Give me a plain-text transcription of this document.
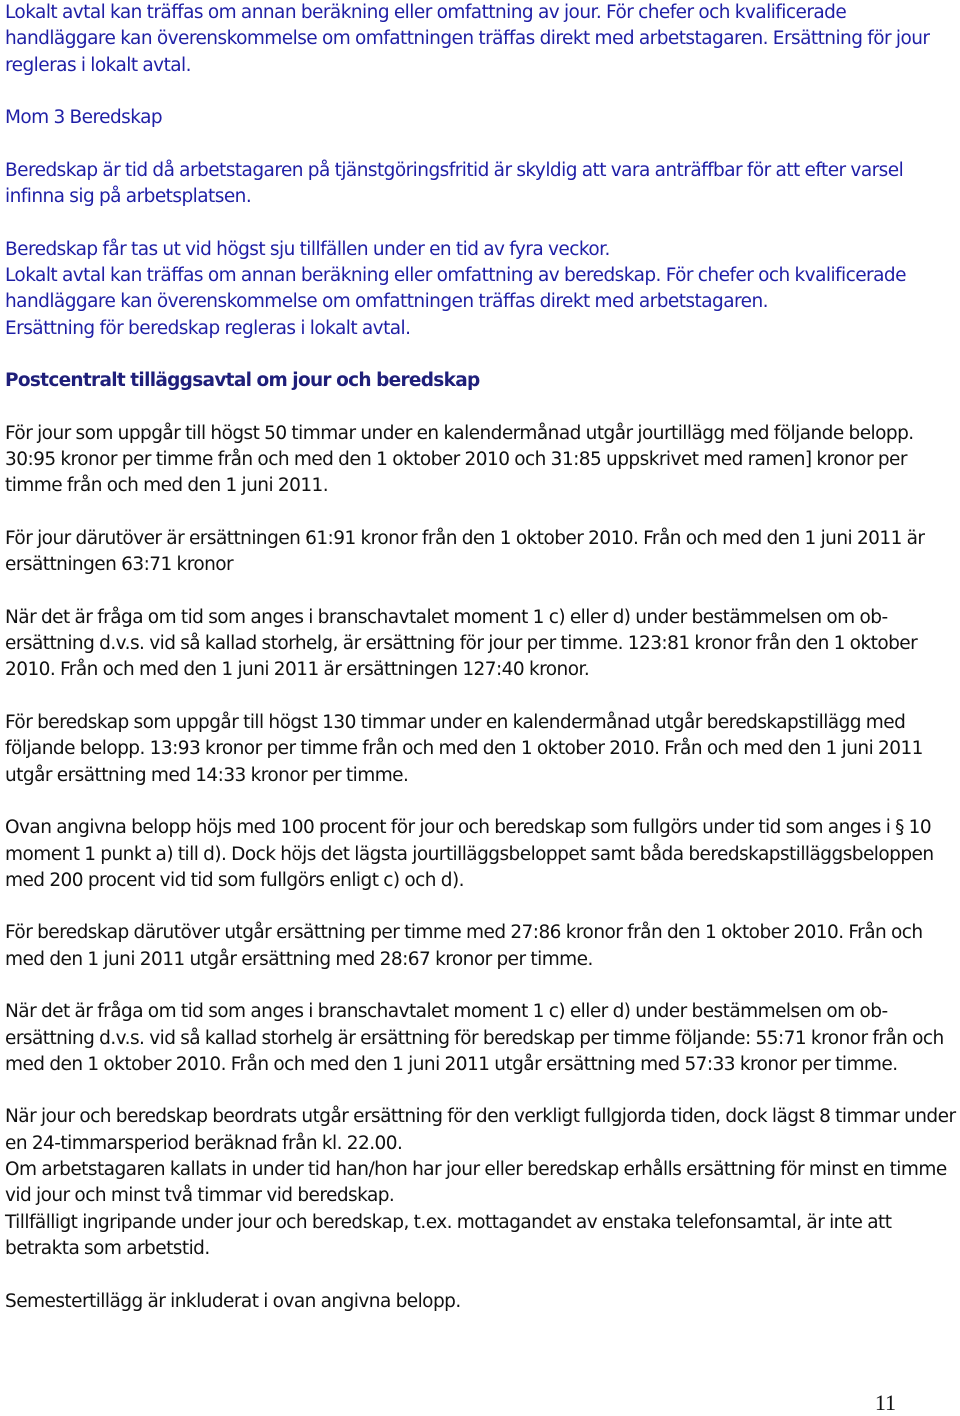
Lokalt avtal kan träffas om annan beräkning eller omfattning av jour. För chefer och kvalificerade handläggare kan överenskommelse om omfattningen träffas direkt med arbetstagaren. Ersättning för jour regleras i lokalt avtal.

Mom 3 Beredskap

Beredskap är tid då arbetstagaren på tjänstgöringsfritid är skyldig att vara anträffbar för att efter varsel infinna sig på arbetsplatsen.

Beredskap får tas ut vid högst sju tillfällen under en tid av fyra veckor.

Lokalt avtal kan träffas om annan beräkning eller omfattning av beredskap. För chefer och kvalificerade handläggare kan överenskommelse om omfattningen träffas direkt med arbetstagaren.

Ersättning för beredskap regleras i lokalt avtal.

Postcentralt tilläggsavtal om jour och beredskap

För jour som uppgår till högst 50 timmar under en kalendermånad utgår jourtillägg med följande belopp. 30:95 kronor per timme från och med den 1 oktober 2010 och 31:85 uppskrivet med ramen] kronor per timme från och med den 1 juni 2011.

För jour därutöver är ersättningen 61:91 kronor från den 1 oktober 2010. Från och med den 1 juni 2011 är ersättningen 63:71 kronor

När det är fråga om tid som anges i branschavtalet moment 1 c) eller d) under bestämmelsen om ob-ersättning d.v.s. vid så kallad storhelg, är ersättning för jour per timme. 123:81 kronor från den 1 oktober 2010. Från och med den 1 juni 2011 är ersättningen 127:40 kronor.

För beredskap som uppgår till högst 130 timmar under en kalendermånad utgår beredskapstillägg med följande belopp. 13:93 kronor per timme från och med den 1 oktober 2010. Från och med den 1 juni 2011 utgår ersättning med 14:33 kronor per timme.

Ovan angivna belopp höjs med 100 procent för jour och beredskap som fullgörs under tid som anges i § 10 moment 1 punkt a) till d). Dock höjs det lägsta jourtilläggsbeloppet samt båda beredskapstilläggsbeloppen med 200 procent vid tid som fullgörs enligt c) och d).

För beredskap därutöver utgår ersättning per timme med 27:86 kronor från den 1 oktober 2010. Från och med den 1 juni 2011 utgår ersättning med 28:67 kronor per timme.

När det är fråga om tid som anges i branschavtalet moment 1 c) eller d) under bestämmelsen om ob-ersättning d.v.s. vid så kallad storhelg är ersättning för beredskap per timme följande: 55:71 kronor från och med den 1 oktober 2010. Från och med den 1 juni 2011 utgår ersättning med 57:33 kronor per timme.

När jour och beredskap beordrats utgår ersättning för den verkligt fullgjorda tiden, dock lägst 8 timmar under en 24-timmarsperiod beräknad från kl. 22.00.

Om arbetstagaren kallats in under tid han/hon har jour eller beredskap erhålls ersättning för minst en timme vid jour och minst två timmar vid beredskap.

Tillfälligt ingripande under jour och beredskap, t.ex. mottagandet av enstaka telefonsamtal, är inte att betrakta som arbetstid.

Semestertillägg är inkluderat i ovan angivna belopp.

11
